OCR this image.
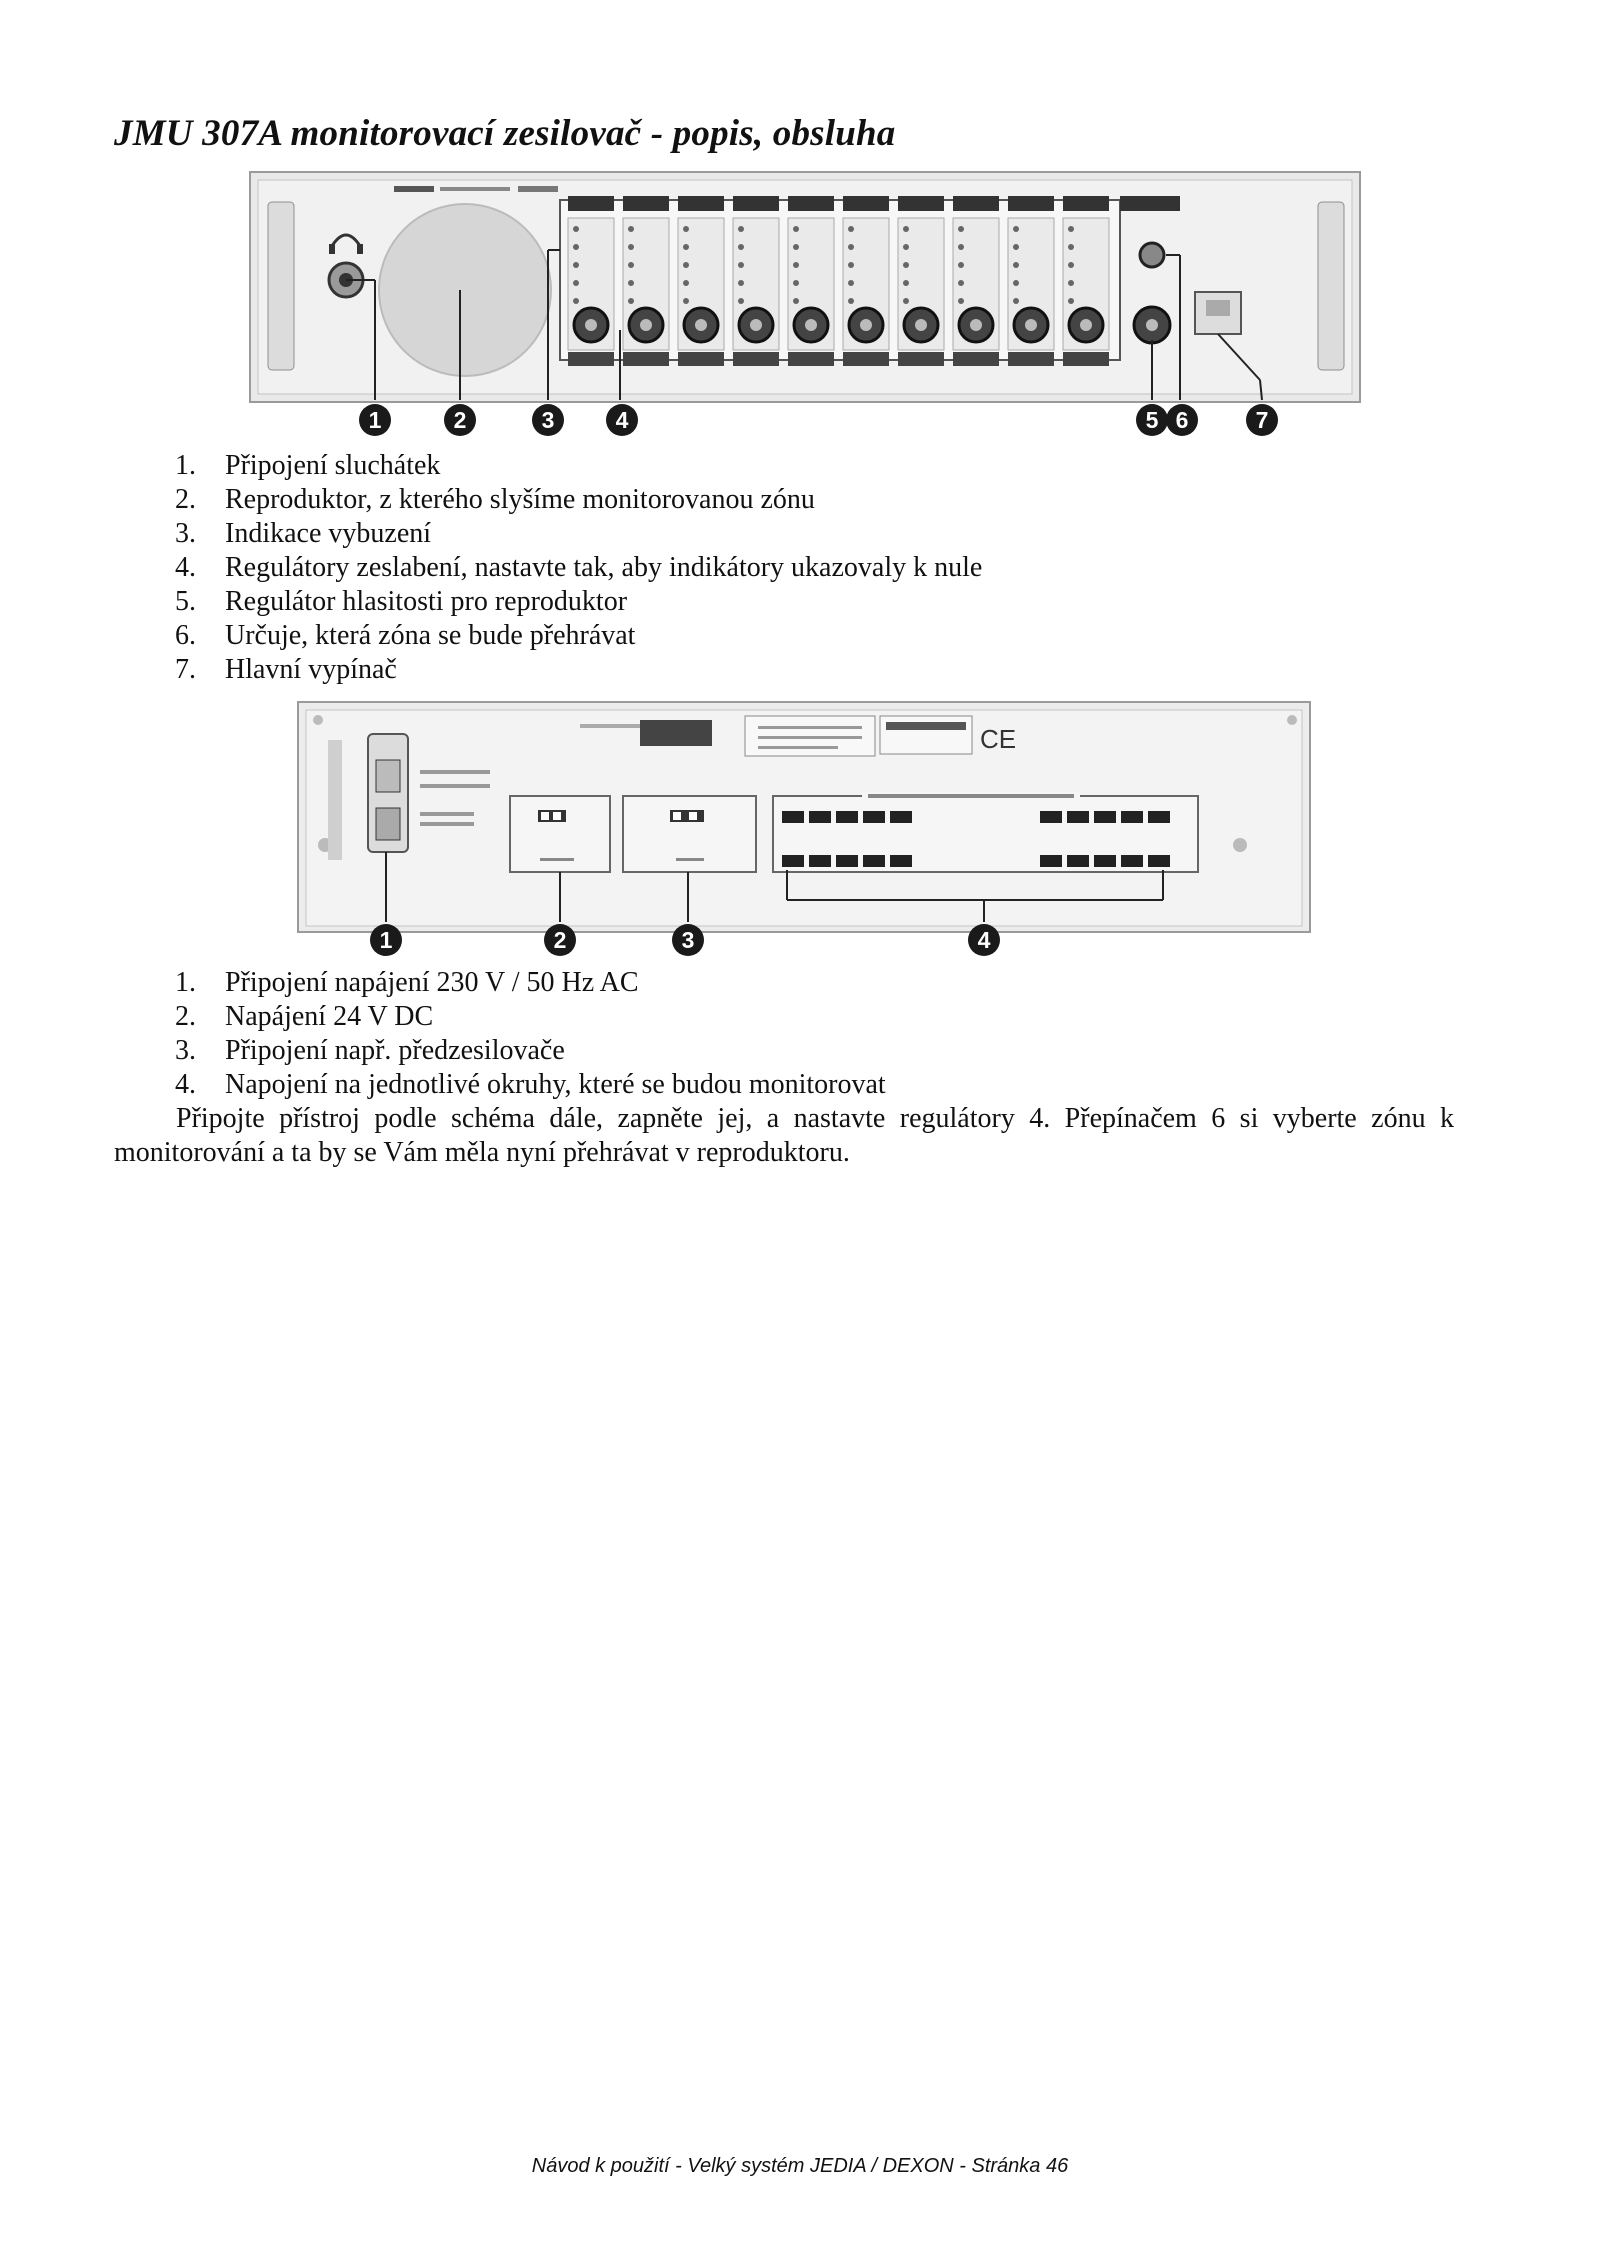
JMU 307A monitorovací zesilovač - popis, obsluha
1	2	3	4	5 6	7
1.	Připojení sluchátek
2.	Reproduktor, z kterého slyšíme monitorovanou zónu
3.	Indikace vybuzení
4.	Regulátory zeslabení, nastavte tak, aby indikátory ukazovaly k nule
5.	Regulátor hlasitosti pro reproduktor
6.	Určuje, která zóna se bude přehrávat
7.	Hlavní vypínač
CE
1	2	3	4
1.	Připojení napájení 230 V / 50 Hz AC
2.	Napájení 24 V DC
3.	Připojení např. předzesilovače
4.	Napojení na jednotlivé okruhy, které se budou monitorovat

Připojte přístroj podle schéma dále, zapněte jej, a nastavte regulátory 4. Přepínačem 6 si vyberte zónu k monitorování a ta by se Vám měla nyní přehrávat v reproduktoru.

Návod k použití - Velký systém JEDIA / DEXON - Stránka 46
